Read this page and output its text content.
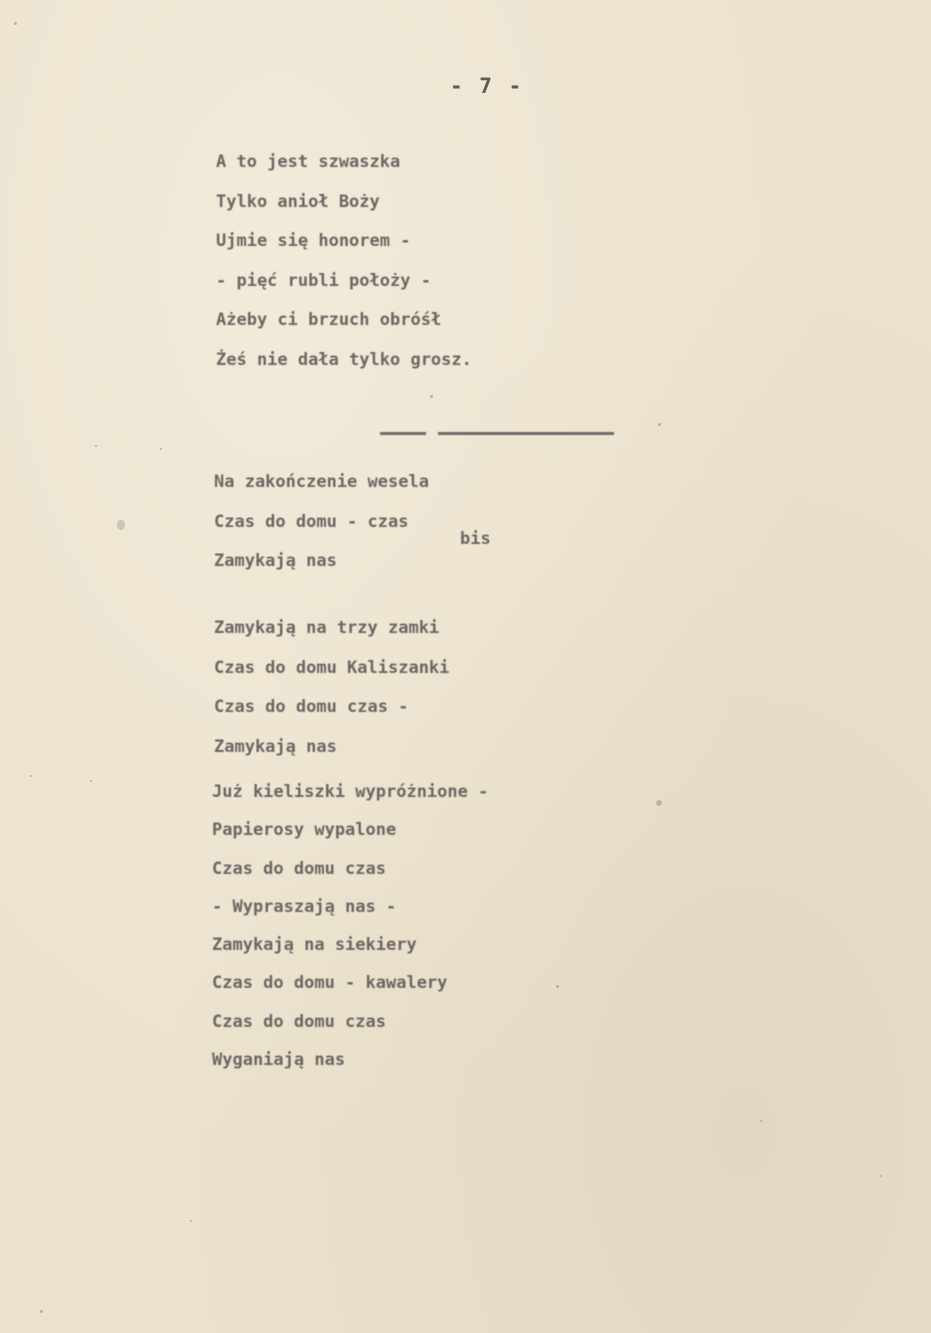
- 7 -

A to jest szwaszka
Tylko anioł Boży
Ujmie się honorem -
- pięć rubli położy -
Ażeby ci brzuch obróśł
Żeś nie dała tylko grosz.
Na zakończenie wesela
Czas do domu - czas
Zamykają nas

bis

Zamykają na trzy zamki
Czas do domu Kaliszanki
Czas do domu czas -
Zamykają nas
Już kieliszki wypróżnione -
Papierosy wypalone
Czas do domu czas
- Wypraszają nas -
Zamykają na siekiery
Czas do domu - kawalery
Czas do domu czas
Wyganiają nas
